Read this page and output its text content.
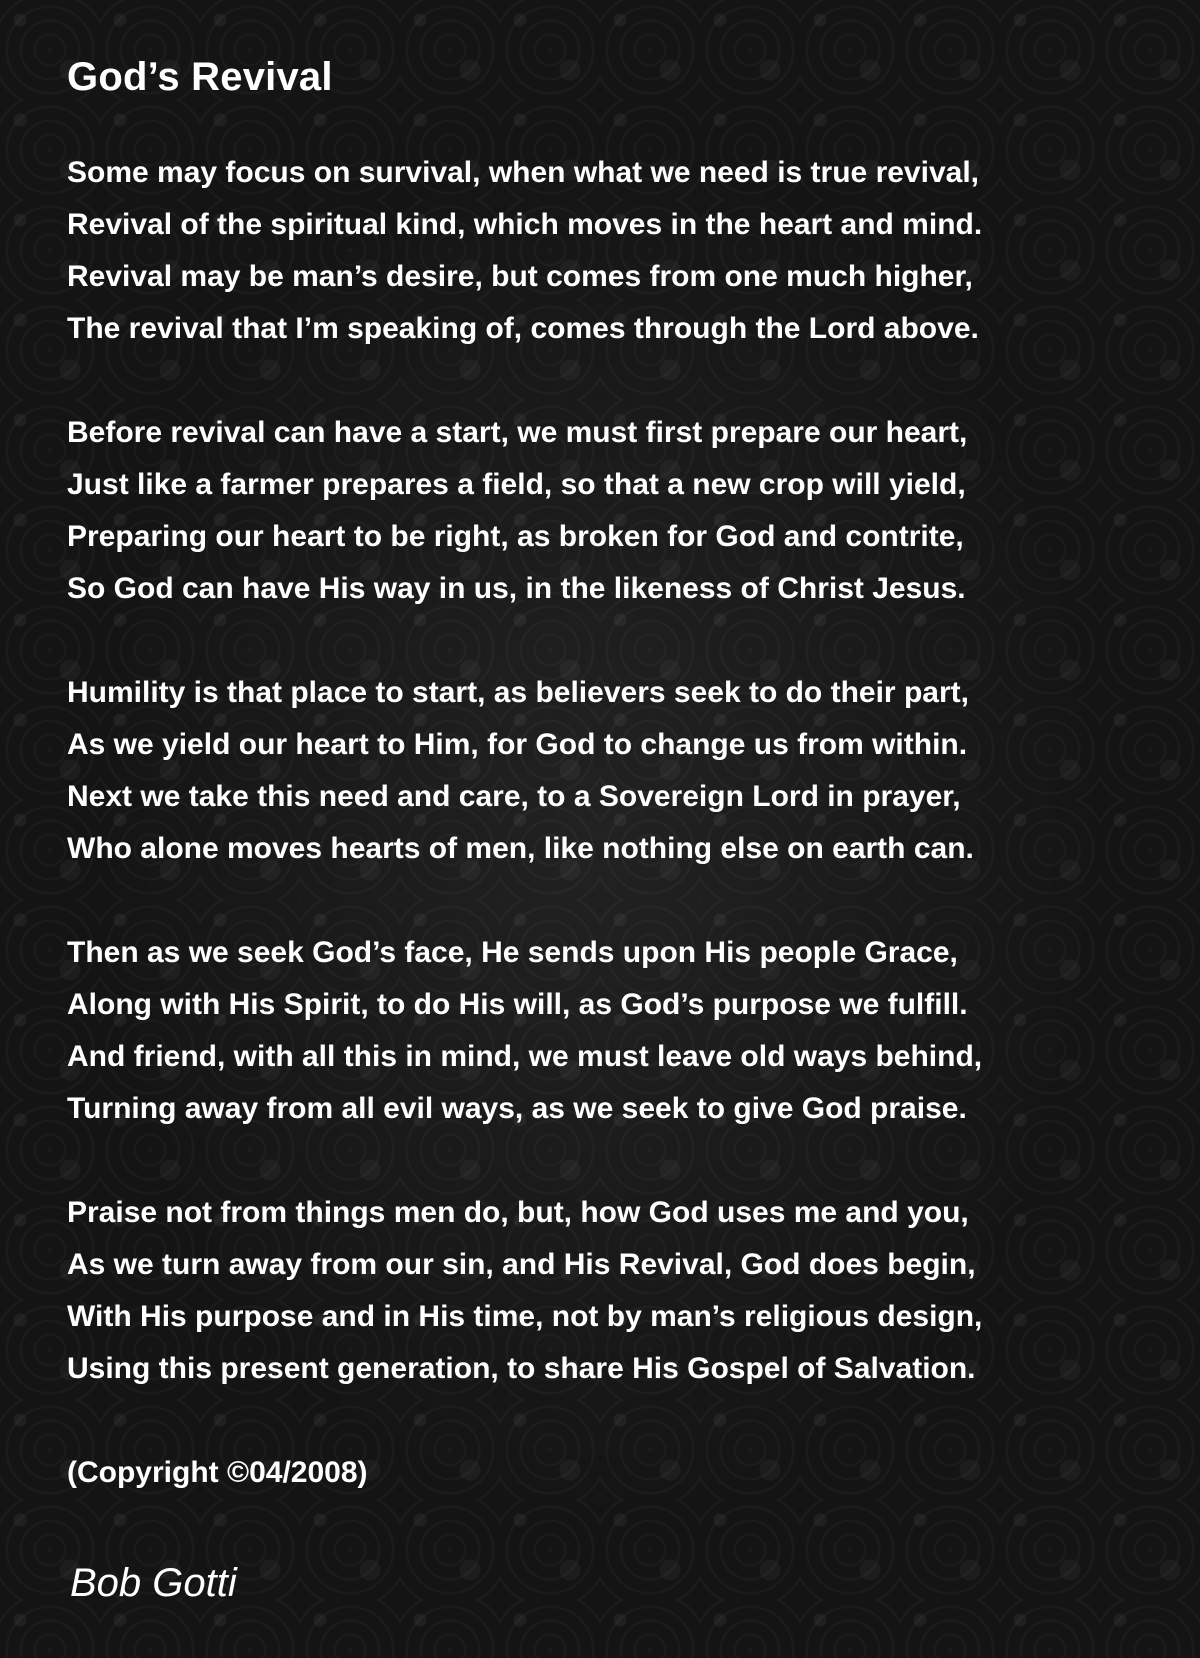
God’s Revival
Some may focus on survival, when what we need is true revival,
Revival of the spiritual kind, which moves in the heart and mind.
Revival may be man’s desire, but comes from one much higher,
The revival that I’m speaking of, comes through the Lord above.
Before revival can have a start, we must first prepare our heart,
Just like a farmer prepares a field, so that a new crop will yield,
Preparing our heart to be right, as broken for God and contrite,
So God can have His way in us, in the likeness of Christ Jesus.
Humility is that place to start, as believers seek to do their part,
As we yield our heart to Him, for God to change us from within.
Next we take this need and care, to a Sovereign Lord in prayer,
Who alone moves hearts of men, like nothing else on earth can.
Then as we seek God’s face, He sends upon His people Grace,
Along with His Spirit, to do His will, as God’s purpose we fulfill.
And friend, with all this in mind, we must leave old ways behind,
Turning away from all evil ways, as we seek to give God praise.
Praise not from things men do, but, how God uses me and you,
As we turn away from our sin, and His Revival, God does begin,
With His purpose and in His time, not by man’s religious design,
Using this present generation, to share His Gospel of Salvation.

(Copyright ©04/2008)

Bob Gotti
